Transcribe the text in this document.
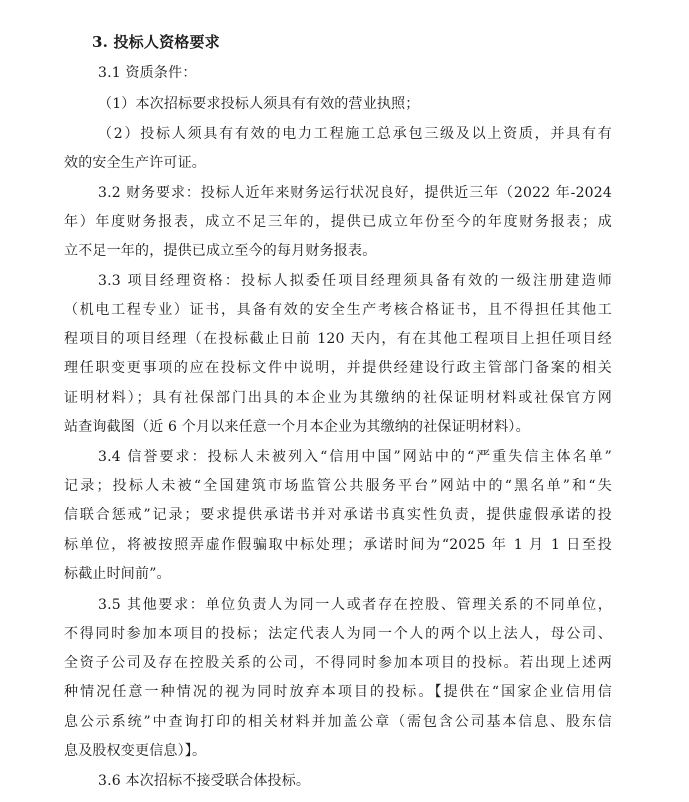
3. 投标人资格要求
3.1 资质条件：
（1）本次招标要求投标人须具有有效的营业执照；
（2）投标人须具有有效的电力工程施工总承包三级及以上资质，并具有有
效的安全生产许可证。
3.2 财务要求：投标人近年来财务运行状况良好，提供近三年（2022 年-2024
年）年度财务报表，成立不足三年的，提供已成立年份至今的年度财务报表；成
立不足一年的，提供已成立至今的每月财务报表。
3.3 项目经理资格：投标人拟委任项目经理须具备有效的一级注册建造师
（机电工程专业）证书，具备有效的安全生产考核合格证书，且不得担任其他工
程项目的项目经理（在投标截止日前 120 天内，有在其他工程项目上担任项目经
理任职变更事项的应在投标文件中说明，并提供经建设行政主管部门备案的相关
证明材料）；具有社保部门出具的本企业为其缴纳的社保证明材料或社保官方网
站查询截图（近 6 个月以来任意一个月本企业为其缴纳的社保证明材料）。
3.4 信誉要求：投标人未被列入“信用中国”网站中的“严重失信主体名单”
记录；投标人未被“全国建筑市场监管公共服务平台”网站中的“黑名单”和“失
信联合惩戒”记录；要求提供承诺书并对承诺书真实性负责，提供虚假承诺的投
标单位，将被按照弄虚作假骗取中标处理；承诺时间为“2025 年 1 月 1 日至投
标截止时间前”。
3.5 其他要求：单位负责人为同一人或者存在控股、管理关系的不同单位，
不得同时参加本项目的投标；法定代表人为同一个人的两个以上法人，母公司、
全资子公司及存在控股关系的公司，不得同时参加本项目的投标。若出现上述两
种情况任意一种情况的视为同时放弃本项目的投标。【提供在“国家企业信用信
息公示系统”中查询打印的相关材料并加盖公章（需包含公司基本信息、股东信
息及股权变更信息）】。
3.6 本次招标不接受联合体投标。
